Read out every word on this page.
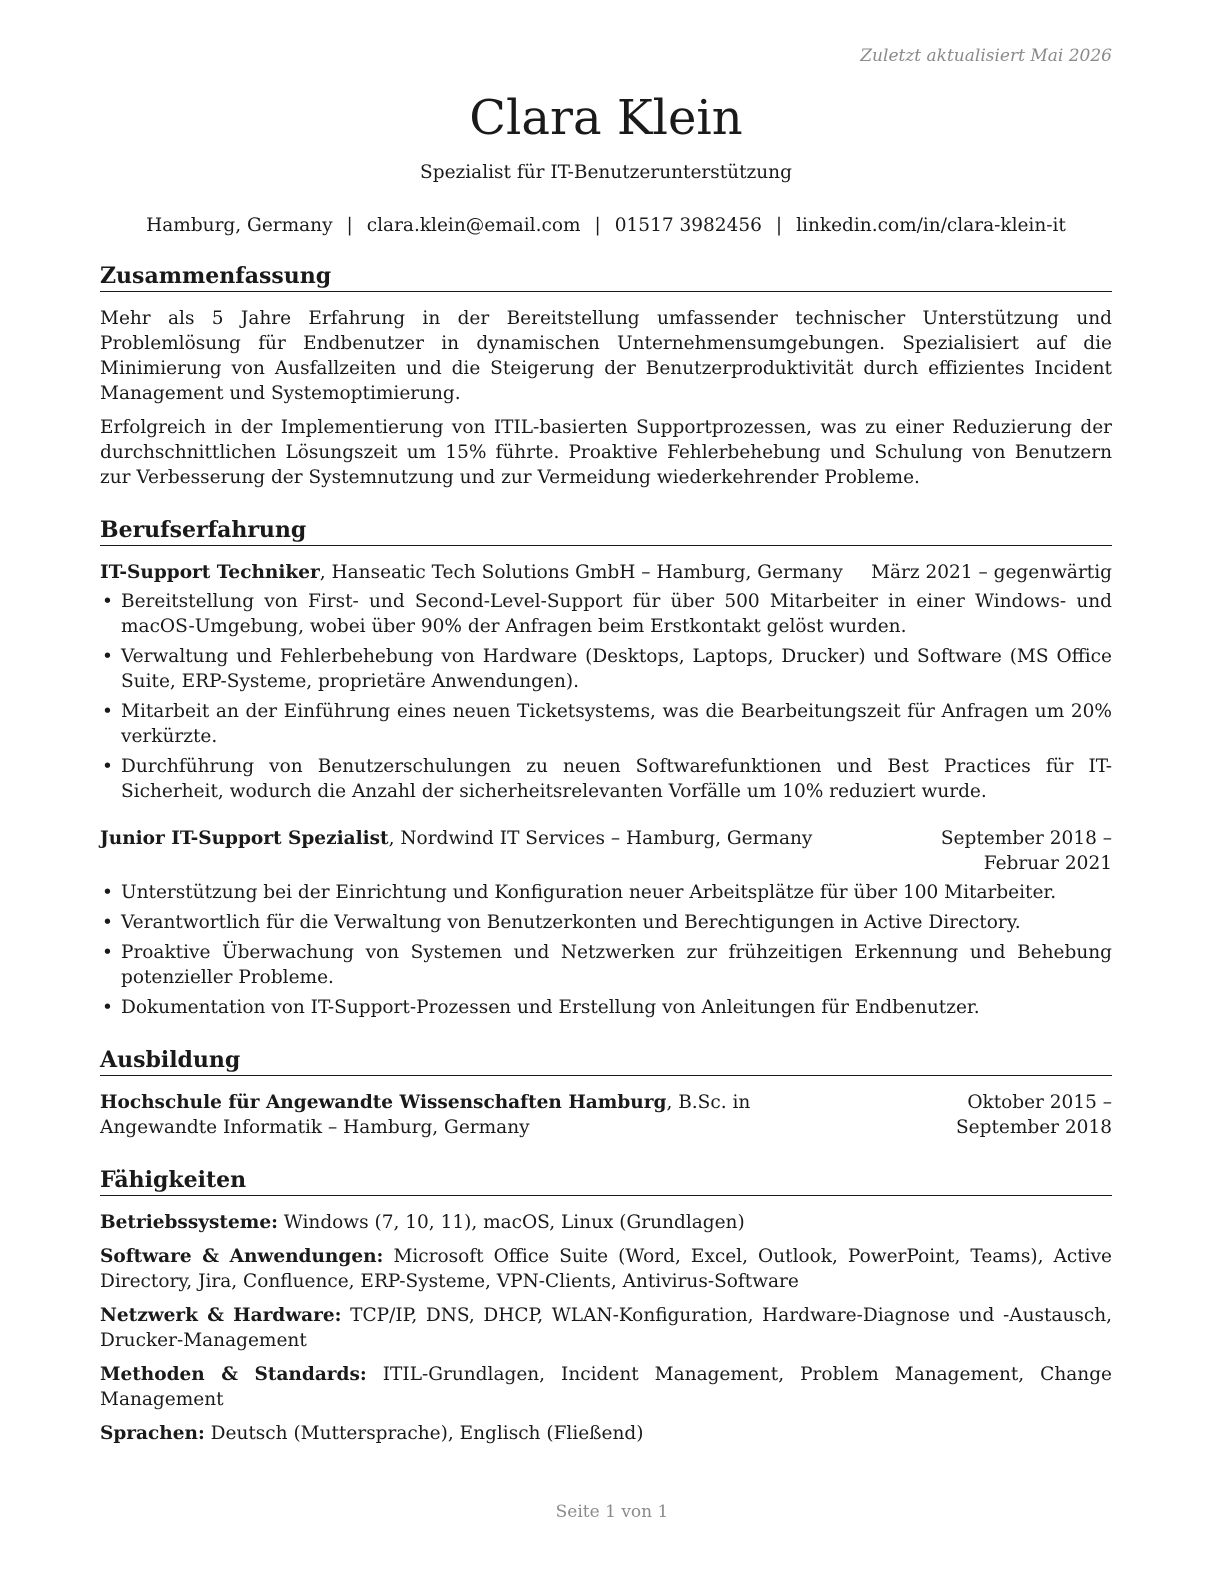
Zuletzt aktualisiert Mai 2026
Clara Klein
Spezialist für IT-Benutzerunterstützung
Hamburg, Germany | clara.klein@email.com | 01517 3982456 | linkedin.com/in/clara-klein-it
Zusammenfassung
Mehr als 5 Jahre Erfahrung in der Bereitstellung umfassender technischer Unterstützung und Problemlösung für Endbenutzer in dynamischen Unternehmensumgebungen. Spezialisiert auf die Minimierung von Ausfallzeiten und die Steigerung der Benutzerproduktivität durch effizientes Incident Management und Systemoptimierung.
Erfolgreich in der Implementierung von ITIL-basierten Supportprozessen, was zu einer Reduzierung der durchschnittlichen Lösungszeit um 15% führte. Proaktive Fehlerbehebung und Schulung von Benutzern zur Verbesserung der Systemnutzung und zur Vermeidung wiederkehrender Probleme.
Berufserfahrung
IT-Support Techniker, Hanseatic Tech Solutions GmbH – Hamburg, Germany	März 2021 – gegenwärtig
• Bereitstellung von First- und Second-Level-Support für über 500 Mitarbeiter in einer Windows- und macOS-Umgebung, wobei über 90% der Anfragen beim Erstkontakt gelöst wurden.
• Verwaltung und Fehlerbehebung von Hardware (Desktops, Laptops, Drucker) und Software (MS Office Suite, ERP-Systeme, proprietäre Anwendungen).
• Mitarbeit an der Einführung eines neuen Ticketsystems, was die Bearbeitungszeit für Anfragen um 20% verkürzte.
• Durchführung von Benutzerschulungen zu neuen Softwarefunktionen und Best Practices für IT-Sicherheit, wodurch die Anzahl der sicherheitsrelevanten Vorfälle um 10% reduziert wurde.
Junior IT-Support Spezialist, Nordwind IT Services – Hamburg, Germany	September 2018 – Februar 2021
• Unterstützung bei der Einrichtung und Konfiguration neuer Arbeitsplätze für über 100 Mitarbeiter.
• Verantwortlich für die Verwaltung von Benutzerkonten und Berechtigungen in Active Directory.
• Proaktive Überwachung von Systemen und Netzwerken zur frühzeitigen Erkennung und Behebung potenzieller Probleme.
• Dokumentation von IT-Support-Prozessen und Erstellung von Anleitungen für Endbenutzer.
Ausbildung
Hochschule für Angewandte Wissenschaften Hamburg, B.Sc. in Angewandte Informatik – Hamburg, Germany
Oktober 2015 – September 2018
Fähigkeiten
Betriebssysteme: Windows (7, 10, 11), macOS, Linux (Grundlagen)
Software & Anwendungen: Microsoft Office Suite (Word, Excel, Outlook, PowerPoint, Teams), Active Directory, Jira, Confluence, ERP-Systeme, VPN-Clients, Antivirus-Software
Netzwerk & Hardware: TCP/IP, DNS, DHCP, WLAN-Konfiguration, Hardware-Diagnose und -Austausch, Drucker-Management
Methoden & Standards: ITIL-Grundlagen, Incident Management, Problem Management, Change Management
Sprachen: Deutsch (Muttersprache), Englisch (Fließend)
Seite 1 von 1
